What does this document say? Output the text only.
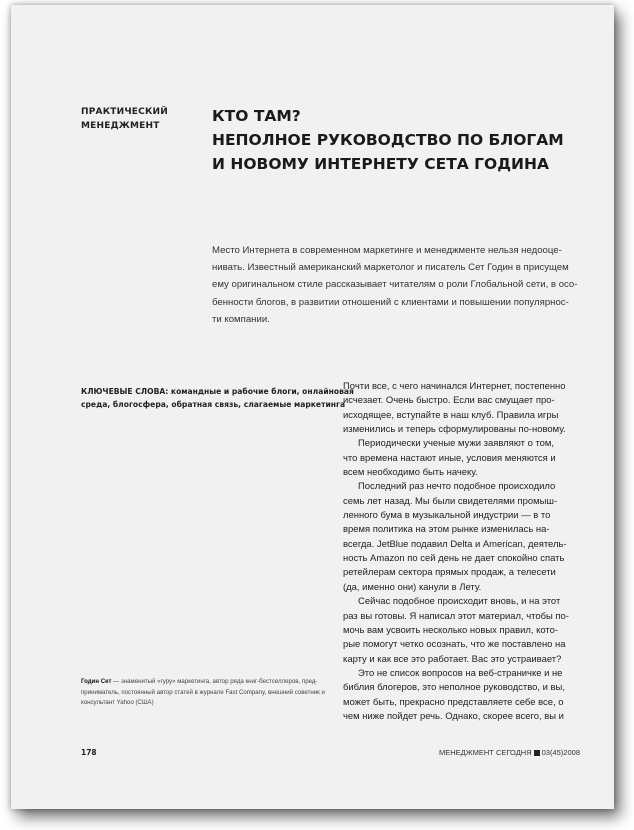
ПРАКТИЧЕСКИЙ
МЕНЕДЖМЕНТ
КТО ТАМ?
НЕПОЛНОЕ РУКОВОДСТВО ПО БЛОГАМ
И НОВОМУ ИНТЕРНЕТУ СЕТА ГОДИНА
Место Интернета в современном маркетинге и менеджменте нельзя недооце-
нивать. Известный американский маркетолог и писатель Сет Годин в присущем
ему оригинальном стиле рассказывает читателям о роли Глобальной сети, в осо-
бенности блогов, в развитии отношений с клиентами и повышении популярнос-
ти компании.
КЛЮЧЕВЫЕ СЛОВА: командные и рабочие блоги, онлайновая
среда, блогосфера, обратная связь, слагаемые маркетинга
Почти все, с чего начинался Интернет, постепенно
исчезает. Очень быстро. Если вас смущает про-
исходящее, вступайте в наш клуб. Правила игры
изменились и теперь сформулированы по-новому.
Периодически ученые мужи заявляют о том,
что времена настают иные, условия меняются и
всем необходимо быть начеку.
Последний раз нечто подобное происходило
семь лет назад. Мы были свидетелями промыш-
ленного бума в музыкальной индустрии — в то
время политика на этом рынке изменилась на-
всегда. JetBlue подавил Delta и American, деятель-
ность Amazon по сей день не дает спокойно спать
ретейлерам сектора прямых продаж, а телесети
(да, именно они) канули в Лету.
Сейчас подобное происходит вновь, и на этот
раз вы готовы. Я написал этот материал, чтобы по-
мочь вам усвоить несколько новых правил, кото-
рые помогут четко осознать, что же поставлено на
карту и как все это работает. Вас это устраивает?
Это не список вопросов на веб-страничке и не
библия блогеров, это неполное руководство, и вы,
может быть, прекрасно представляете себе все, о
чем ниже пойдет речь. Однако, скорее всего, вы и
Годин Сет — знаменитый «гуру» маркетинга, автор ряда книг-бестселлеров, пред-
приниматель, постоянный автор статей в журнале Fast Company, внешний советник и
консультант Yahoo (США)
178	МЕНЕДЖМЕНТ СЕГОДНЯ 03(45)2008
